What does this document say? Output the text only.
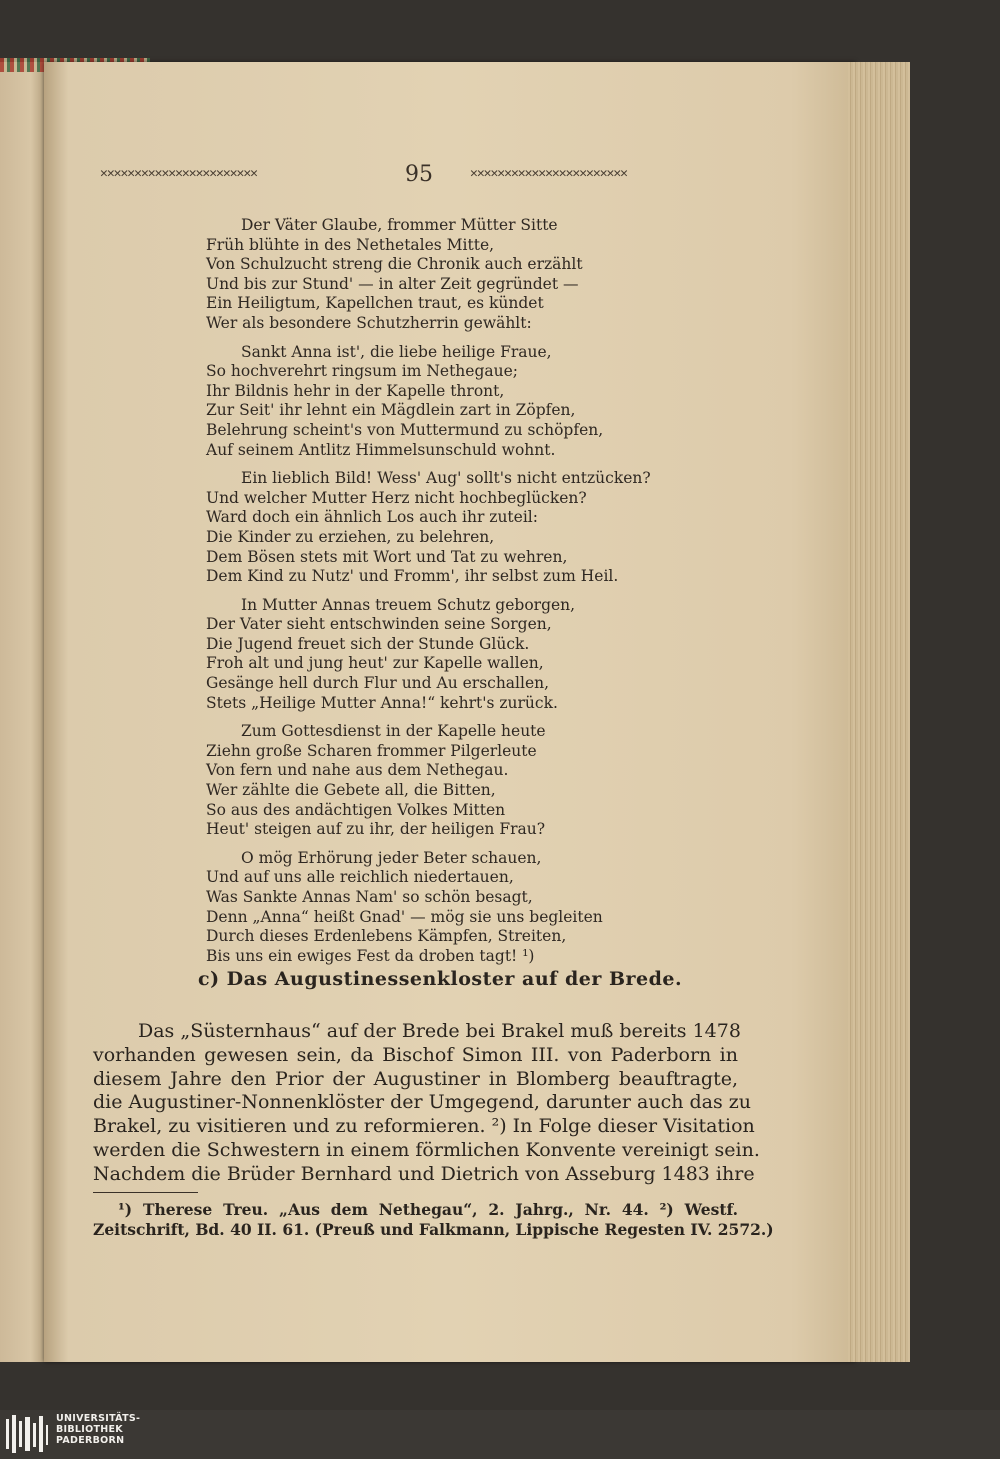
✕✕✕✕✕✕✕✕✕✕✕✕✕✕✕✕✕✕✕✕✕✕✕	95	✕✕✕✕✕✕✕✕✕✕✕✕✕✕✕✕✕✕✕✕✕✕✕
Der Väter Glaube, frommer Mütter Sitte
Früh blühte in des Nethetales Mitte,
Von Schulzucht streng die Chronik auch erzählt
Und bis zur Stund' — in alter Zeit gegründet —
Ein Heiligtum, Kapellchen traut, es kündet
Wer als besondere Schutzherrin gewählt:
Sankt Anna ist', die liebe heilige Fraue,
So hochverehrt ringsum im Nethegaue;
Ihr Bildnis hehr in der Kapelle thront,
Zur Seit' ihr lehnt ein Mägdlein zart in Zöpfen,
Belehrung scheint's von Muttermund zu schöpfen,
Auf seinem Antlitz Himmelsunschuld wohnt.
Ein lieblich Bild! Wess' Aug' sollt's nicht entzücken?
Und welcher Mutter Herz nicht hochbeglücken?
Ward doch ein ähnlich Los auch ihr zuteil:
Die Kinder zu erziehen, zu belehren,
Dem Bösen stets mit Wort und Tat zu wehren,
Dem Kind zu Nutz' und Fromm', ihr selbst zum Heil.
In Mutter Annas treuem Schutz geborgen,
Der Vater sieht entschwinden seine Sorgen,
Die Jugend freuet sich der Stunde Glück.
Froh alt und jung heut' zur Kapelle wallen,
Gesänge hell durch Flur und Au erschallen,
Stets „Heilige Mutter Anna!“ kehrt's zurück.
Zum Gottesdienst in der Kapelle heute
Ziehn große Scharen frommer Pilgerleute
Von fern und nahe aus dem Nethegau.
Wer zählte die Gebete all, die Bitten,
So aus des andächtigen Volkes Mitten
Heut' steigen auf zu ihr, der heiligen Frau?
O mög Erhörung jeder Beter schauen,
Und auf uns alle reichlich niedertauen,
Was Sankte Annas Nam' so schön besagt,
Denn „Anna“ heißt Gnad' — mög sie uns begleiten
Durch dieses Erdenlebens Kämpfen, Streiten,
Bis uns ein ewiges Fest da droben tagt! ¹)
c) Das Augustinessenkloster auf der Brede.
Das „Süsternhaus“ auf der Brede bei Brakel muß bereits 1478
vorhanden gewesen sein, da Bischof Simon III. von Paderborn in
diesem Jahre den Prior der Augustiner in Blomberg beauftragte,
die Augustiner-Nonnenklöster der Umgegend, darunter auch das zu
Brakel, zu visitieren und zu reformieren. ²) In Folge dieser Visitation
werden die Schwestern in einem förmlichen Konvente vereinigt sein.
Nachdem die Brüder Bernhard und Dietrich von Asseburg 1483 ihre
¹) Therese Treu. „Aus dem Nethegau“, 2. Jahrg., Nr. 44. ²) Westf.
Zeitschrift, Bd. 40 II. 61. (Preuß und Falkmann, Lippische Regesten IV. 2572.)
UNIVERSITÄTS-
BIBLIOTHEK
PADERBORN
